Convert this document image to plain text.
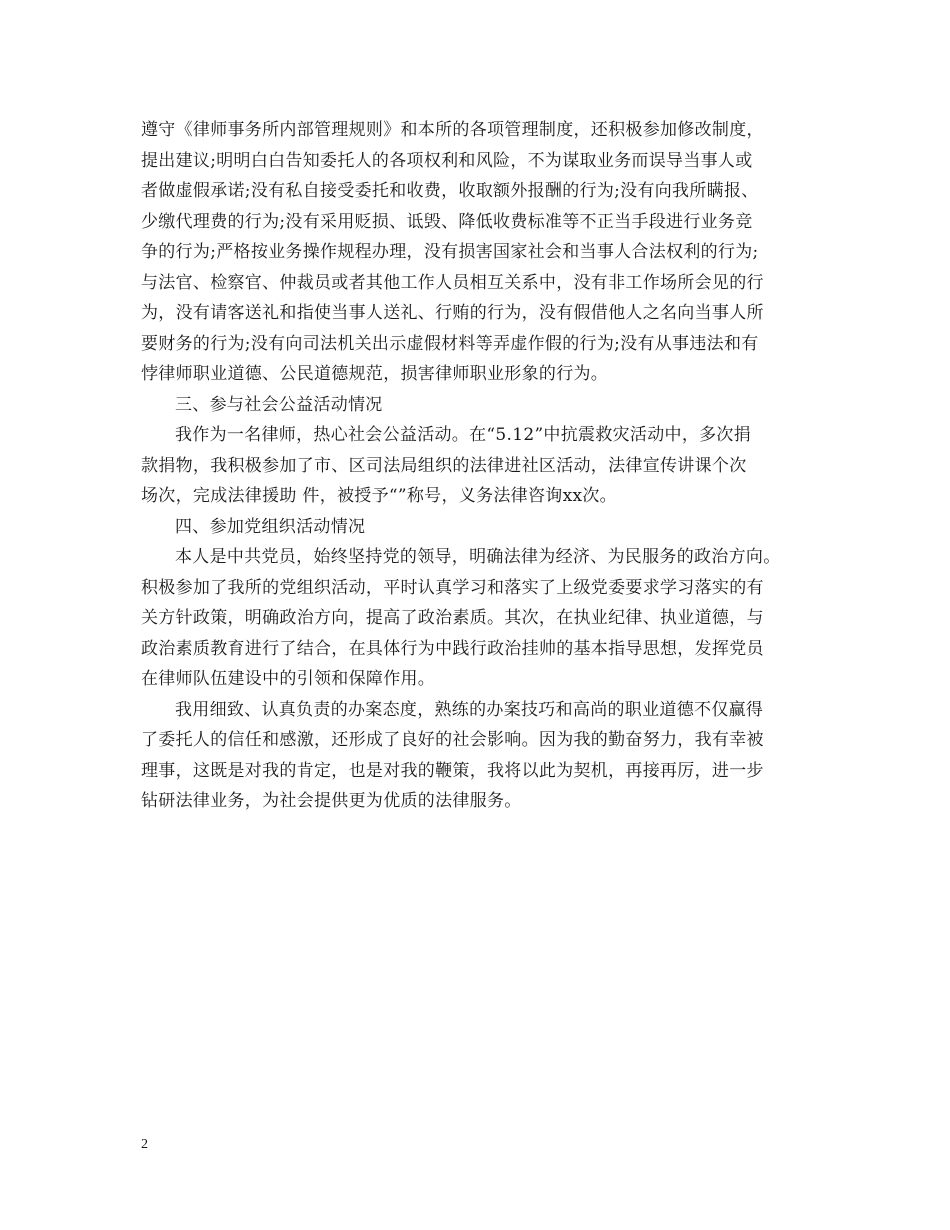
遵守《律师事务所内部管理规则》和本所的各项管理制度，还积极参加修改制度，
提出建议;明明白白告知委托人的各项权利和风险，不为谋取业务而误导当事人或
者做虚假承诺;没有私自接受委托和收费，收取额外报酬的行为;没有向我所瞒报、
少缴代理费的行为;没有采用贬损、诋毁、降低收费标准等不正当手段进行业务竞
争的行为;严格按业务操作规程办理，没有损害国家社会和当事人合法权利的行为;
与法官、检察官、仲裁员或者其他工作人员相互关系中，没有非工作场所会见的行
为，没有请客送礼和指使当事人送礼、行贿的行为，没有假借他人之名向当事人所
要财务的行为;没有向司法机关出示虚假材料等弄虚作假的行为;没有从事违法和有
悖律师职业道德、公民道德规范，损害律师职业形象的行为。
三、参与社会公益活动情况
我作为一名律师，热心社会公益活动。在“5.12”中抗震救灾活动中，多次捐
款捐物，我积极参加了市、区司法局组织的法律进社区活动，法律宣传讲课个次
场次，完成法律援助 件，被授予“”称号，义务法律咨询xx次。
四、参加党组织活动情况
本人是中共党员，始终坚持党的领导，明确法律为经济、为民服务的政治方向。
积极参加了我所的党组织活动，平时认真学习和落实了上级党委要求学习落实的有
关方针政策，明确政治方向，提高了政治素质。其次，在执业纪律、执业道德，与
政治素质教育进行了结合，在具体行为中践行政治挂帅的基本指导思想，发挥党员
在律师队伍建设中的引领和保障作用。
我用细致、认真负责的办案态度，熟练的办案技巧和高尚的职业道德不仅赢得
了委托人的信任和感激，还形成了良好的社会影响。因为我的勤奋努力，我有幸被
理事，这既是对我的肯定，也是对我的鞭策，我将以此为契机，再接再厉，进一步
钻研法律业务，为社会提供更为优质的法律服务。
2
